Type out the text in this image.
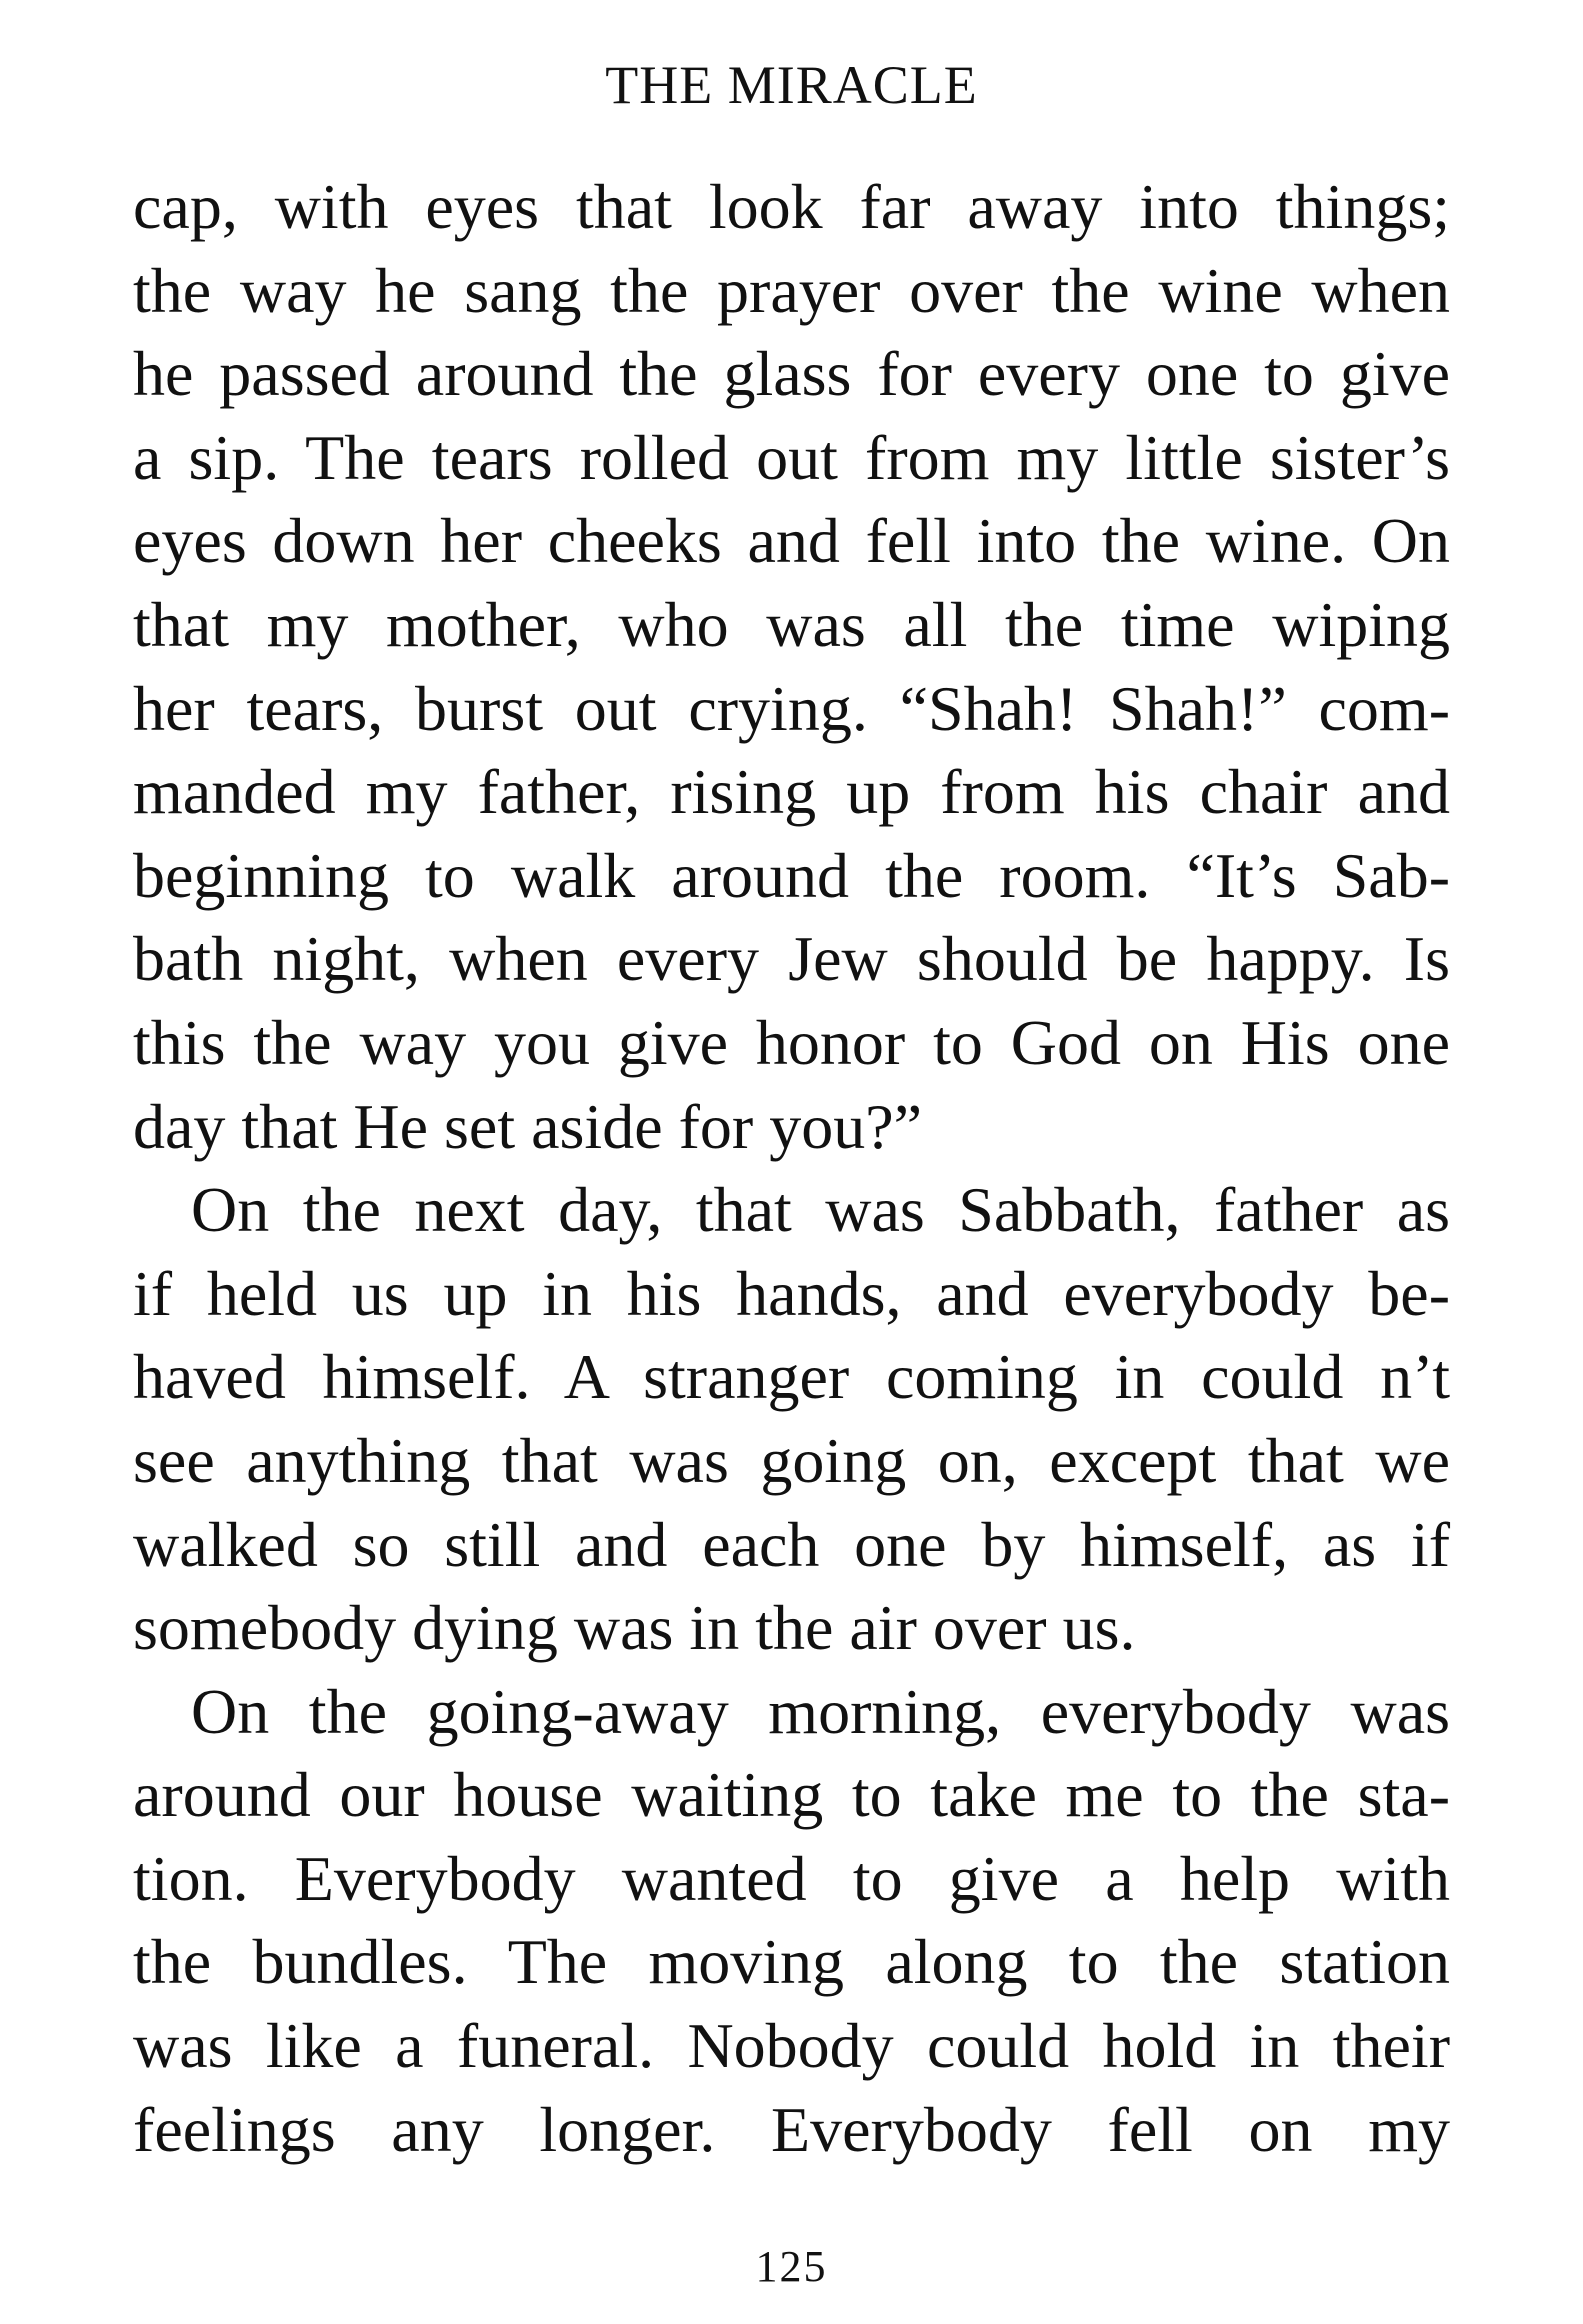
THE MIRACLE
cap, with eyes that look far away into things;
the way he sang the prayer over the wine when
he passed around the glass for every one to give
a sip. The tears rolled out from my little sister’s
eyes down her cheeks and fell into the wine. On
that my mother, who was all the time wiping
her tears, burst out crying. “Shah! Shah!” com-
manded my father, rising up from his chair and
beginning to walk around the room. “It’s Sab-
bath night, when every Jew should be happy. Is
this the way you give honor to God on His one
day that He set aside for you?”
On the next day, that was Sabbath, father as
if held us up in his hands, and everybody be-
haved himself. A stranger coming in could n’t
see anything that was going on, except that we
walked so still and each one by himself, as if
somebody dying was in the air over us.
On the going-away morning, everybody was
around our house waiting to take me to the sta-
tion. Everybody wanted to give a help with
the bundles. The moving along to the station
was like a funeral. Nobody could hold in their
feelings any longer. Everybody fell on my
125
